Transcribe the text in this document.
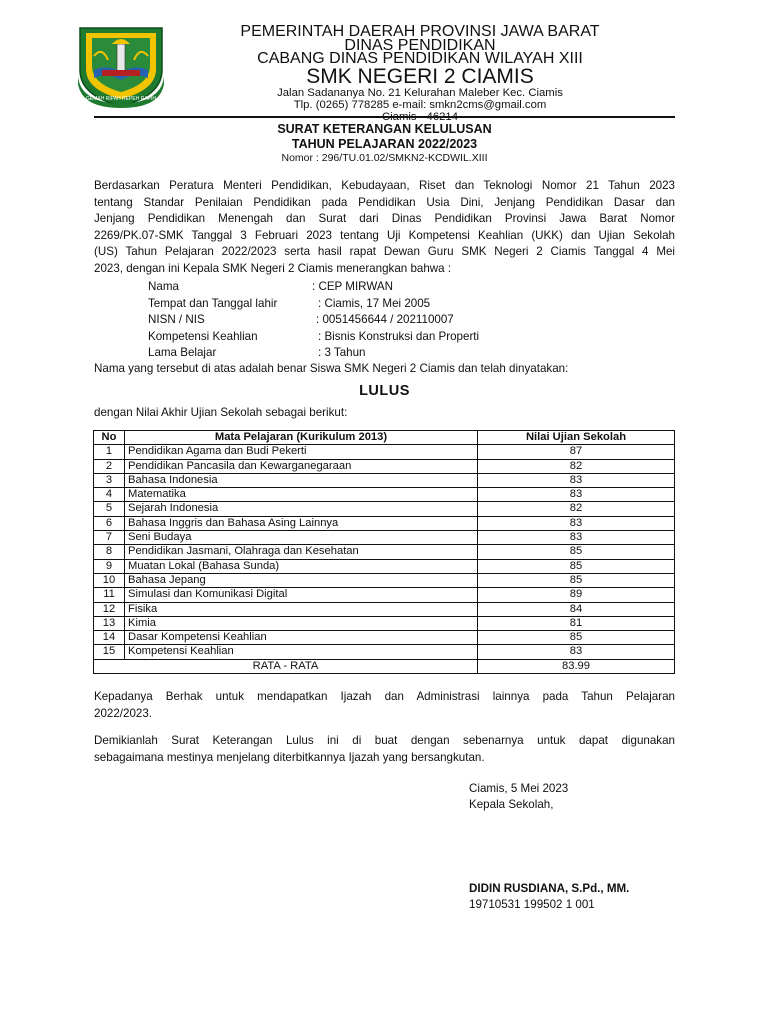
GEMAH RIPAH REPEH RAPIH
PEMERINTAH DAERAH PROVINSI JAWA BARAT
DINAS PENDIDIKAN
CABANG DINAS PENDIDIKAN WILAYAH XIII
SMK NEGERI 2 CIAMIS
Jalan Sadananya No. 21 Kelurahan Maleber Kec. Ciamis
Tlp. (0265) 778285 e-mail: smkn2cms@gmail.com
Ciamis - 46214
SURAT KETERANGAN KELULUSAN
TAHUN PELAJARAN 2022/2023
Nomor : 296/TU.01.02/SMKN2-KCDWIL.XIII
Berdasarkan Peratura Menteri Pendidikan, Kebudayaan, Riset dan Teknologi Nomor 21 Tahun 2023
tentang Standar Penilaian Pendidikan pada Pendidikan Usia Dini, Jenjang Pendidikan Dasar dan
Jenjang Pendidikan Menengah dan Surat dari Dinas Pendidikan Provinsi Jawa Barat Nomor
2269/PK.07-SMK Tanggal 3 Februari 2023 tentang Uji Kompetensi Keahlian (UKK) dan Ujian Sekolah
(US) Tahun Pelajaran 2022/2023 serta hasil rapat Dewan Guru SMK Negeri 2 Ciamis Tanggal 4 Mei
2023, dengan ini Kepala SMK Negeri 2 Ciamis menerangkan bahwa :
Nama	: CEP MIRWAN
Tempat dan Tanggal lahir	: Ciamis, 17 Mei 2005
NISN / NIS	: 0051456644 / 202110007
Kompetensi Keahlian	: Bisnis Konstruksi dan Properti
Lama Belajar	: 3 Tahun
Nama yang tersebut di atas adalah benar Siswa SMK Negeri 2 Ciamis dan telah dinyatakan:
LULUS
dengan Nilai Akhir Ujian Sekolah sebagai berikut:
No	Mata Pelajaran (Kurikulum 2013)	Nilai Ujian Sekolah
1	Pendidikan Agama dan Budi Pekerti	87
2	Pendidikan Pancasila dan Kewarganegaraan	82
3	Bahasa Indonesia	83
4	Matematika	83
5	Sejarah Indonesia	82
6	Bahasa Inggris dan Bahasa Asing Lainnya	83
7	Seni Budaya	83
8	Pendidikan Jasmani, Olahraga dan Kesehatan	85
9	Muatan Lokal (Bahasa Sunda)	85
10	Bahasa Jepang	85
11	Simulasi dan Komunikasi Digital	89
12	Fisika	84
13	Kimia	81
14	Dasar Kompetensi Keahlian	85
15	Kompetensi Keahlian	83
RATA - RATA		83.99
Kepadanya Berhak untuk mendapatkan Ijazah dan Administrasi lainnya pada Tahun Pelajaran
2022/2023.
Demikianlah Surat Keterangan Lulus ini di buat dengan sebenarnya untuk dapat digunakan
sebagaimana mestinya menjelang diterbitkannya Ijazah yang bersangkutan.
Ciamis, 5 Mei 2023
Kepala Sekolah,
DIDIN RUSDIANA, S.Pd., MM.
19710531 199502 1 001
